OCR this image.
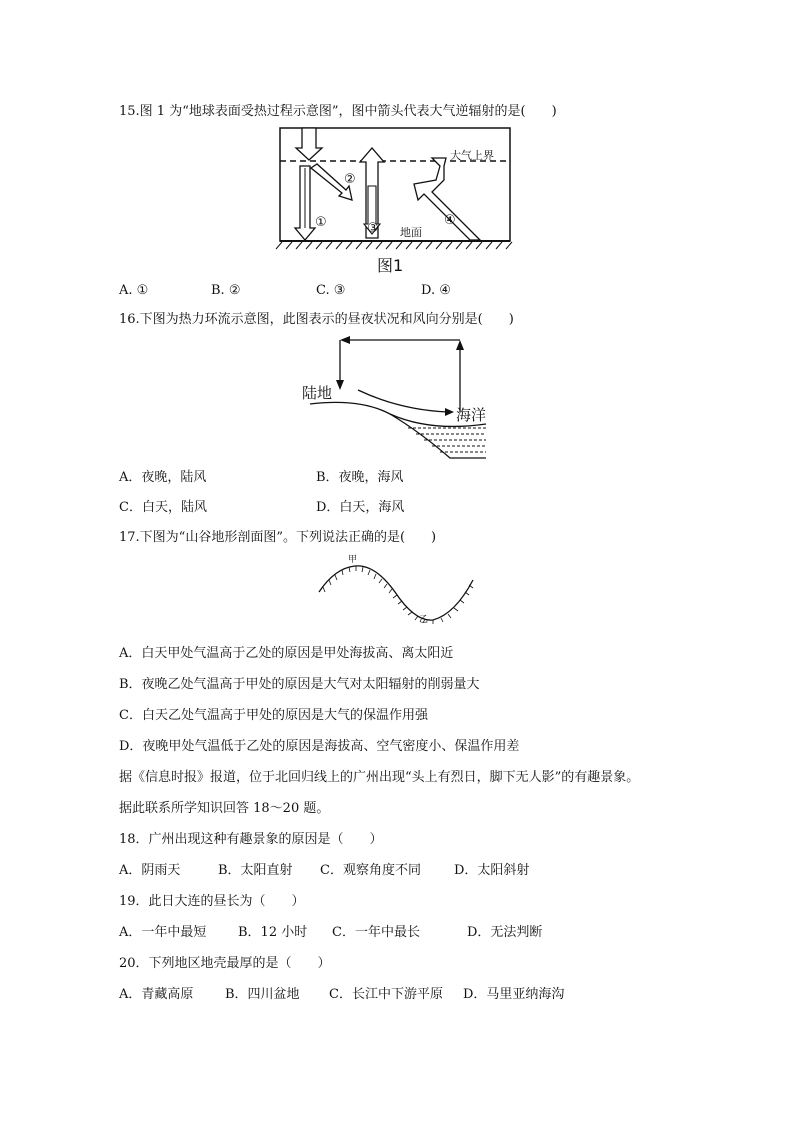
15.图 1 为“地球表面受热过程示意图”，图中箭头代表大气逆辐射的是(　　)
大气上界
地面
①
②
③
④
图1
A. ①	B. ②	C. ③	D. ④
16.下图为热力环流示意图，此图表示的昼夜状况和风向分别是(　　)
陆地
海洋
A．夜晚，陆风	B．夜晚，海风
C．白天，陆风	D．白天，海风
17.下图为“山谷地形剖面图”。下列说法正确的是(　　)
甲
乙
A．白天甲处气温高于乙处的原因是甲处海拔高、离太阳近
B．夜晚乙处气温高于甲处的原因是大气对太阳辐射的削弱量大
C．白天乙处气温高于甲处的原因是大气的保温作用强
D．夜晚甲处气温低于乙处的原因是海拔高、空气密度小、保温作用差
据《信息时报》报道，位于北回归线上的广州出现“头上有烈日，脚下无人影”的有趣景象。
据此联系所学知识回答 18～20 题。
18．广州出现这种有趣景象的原因是（　　）
A．阴雨天	B．太阳直射 C．观察角度不同	D．太阳斜射
19．此日大连的昼长为（　　）
A．一年中最短 B．12 小时 C．一年中最长	D．无法判断
20．下列地区地壳最厚的是（　　）
A．青藏高原 B．四川盆地 C．长江中下游平原 D．马里亚纳海沟
